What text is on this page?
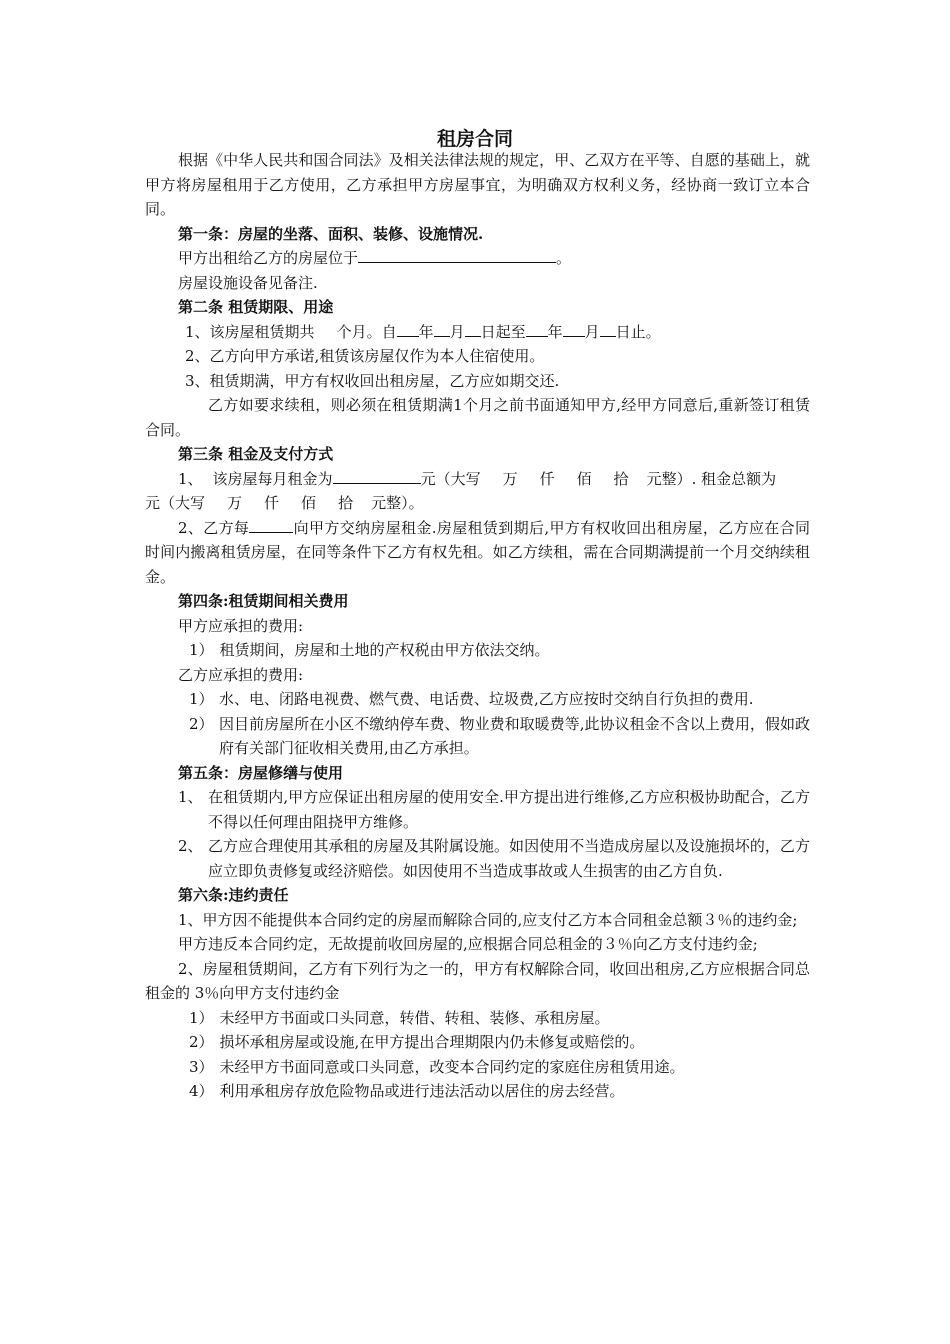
租房合同

根据《中华人民共和国合同法》及相关法律法规的规定，甲、乙双方在平等、自愿的基础上，就甲方将房屋租用于乙方使用，乙方承担甲方房屋事宜，为明确双方权利义务，经协商一致订立本合同。

第一条：房屋的坐落、面积、装修、设施情况.

甲方出租给乙方的房屋位于	。

房屋设施设备见备注.

第二条 租赁期限、用途

1、该房屋租赁期共 个月。自 年 月 日起至 年 月 日止。

2、乙方向甲方承诺,租赁该房屋仅作为本人住宿使用。

3、租赁期满，甲方有权收回出租房屋，乙方应如期交还.

乙方如要求续租，则必须在租赁期满1个月之前书面通知甲方,经甲方同意后,重新签订租赁合同。

第三条 租金及支付方式

1、 该房屋每月租金为	元（大写 万 仟 佰 拾 元整）. 租金总额为
元（大写 万 仟 佰 拾 元整）。

2、乙方每	向甲方交纳房屋租金.房屋租赁到期后,甲方有权收回出租房屋，乙方应在合同时间内搬离租赁房屋，在同等条件下乙方有权先租。如乙方续租，需在合同期满提前一个月交纳续租金。

第四条:租赁期间相关费用

甲方应承担的费用:

1） 租赁期间，房屋和土地的产权税由甲方依法交纳。

乙方应承担的费用:

1） 水、电、闭路电视费、燃气费、电话费、垃圾费,乙方应按时交纳自行负担的费用.

2） 因目前房屋所在小区不缴纳停车费、物业费和取暖费等,此协议租金不含以上费用，假如政府有关部门征收相关费用,由乙方承担。

第五条：房屋修缮与使用

1、 在租赁期内,甲方应保证出租房屋的使用安全.甲方提出进行维修,乙方应积极协助配合，乙方不得以任何理由阻挠甲方维修。

2、 乙方应合理使用其承租的房屋及其附属设施。如因使用不当造成房屋以及设施损坏的，乙方应立即负责修复或经济赔偿。如因使用不当造成事故或人生损害的由乙方自负.

第六条:违约责任

1、甲方因不能提供本合同约定的房屋而解除合同的,应支付乙方本合同租金总额３％的违约金;

甲方违反本合同约定，无故提前收回房屋的,应根据合同总租金的３％向乙方支付违约金;

2、房屋租赁期间，乙方有下列行为之一的，甲方有权解除合同，收回出租房,乙方应根据合同总租金的 3％向甲方支付违约金

1） 未经甲方书面或口头同意，转借、转租、装修、承租房屋。

2） 损坏承租房屋或设施,在甲方提出合理期限内仍未修复或赔偿的。

3） 未经甲方书面同意或口头同意，改变本合同约定的家庭住房租赁用途。

4） 利用承租房存放危险物品或进行违法活动以居住的房去经营。
